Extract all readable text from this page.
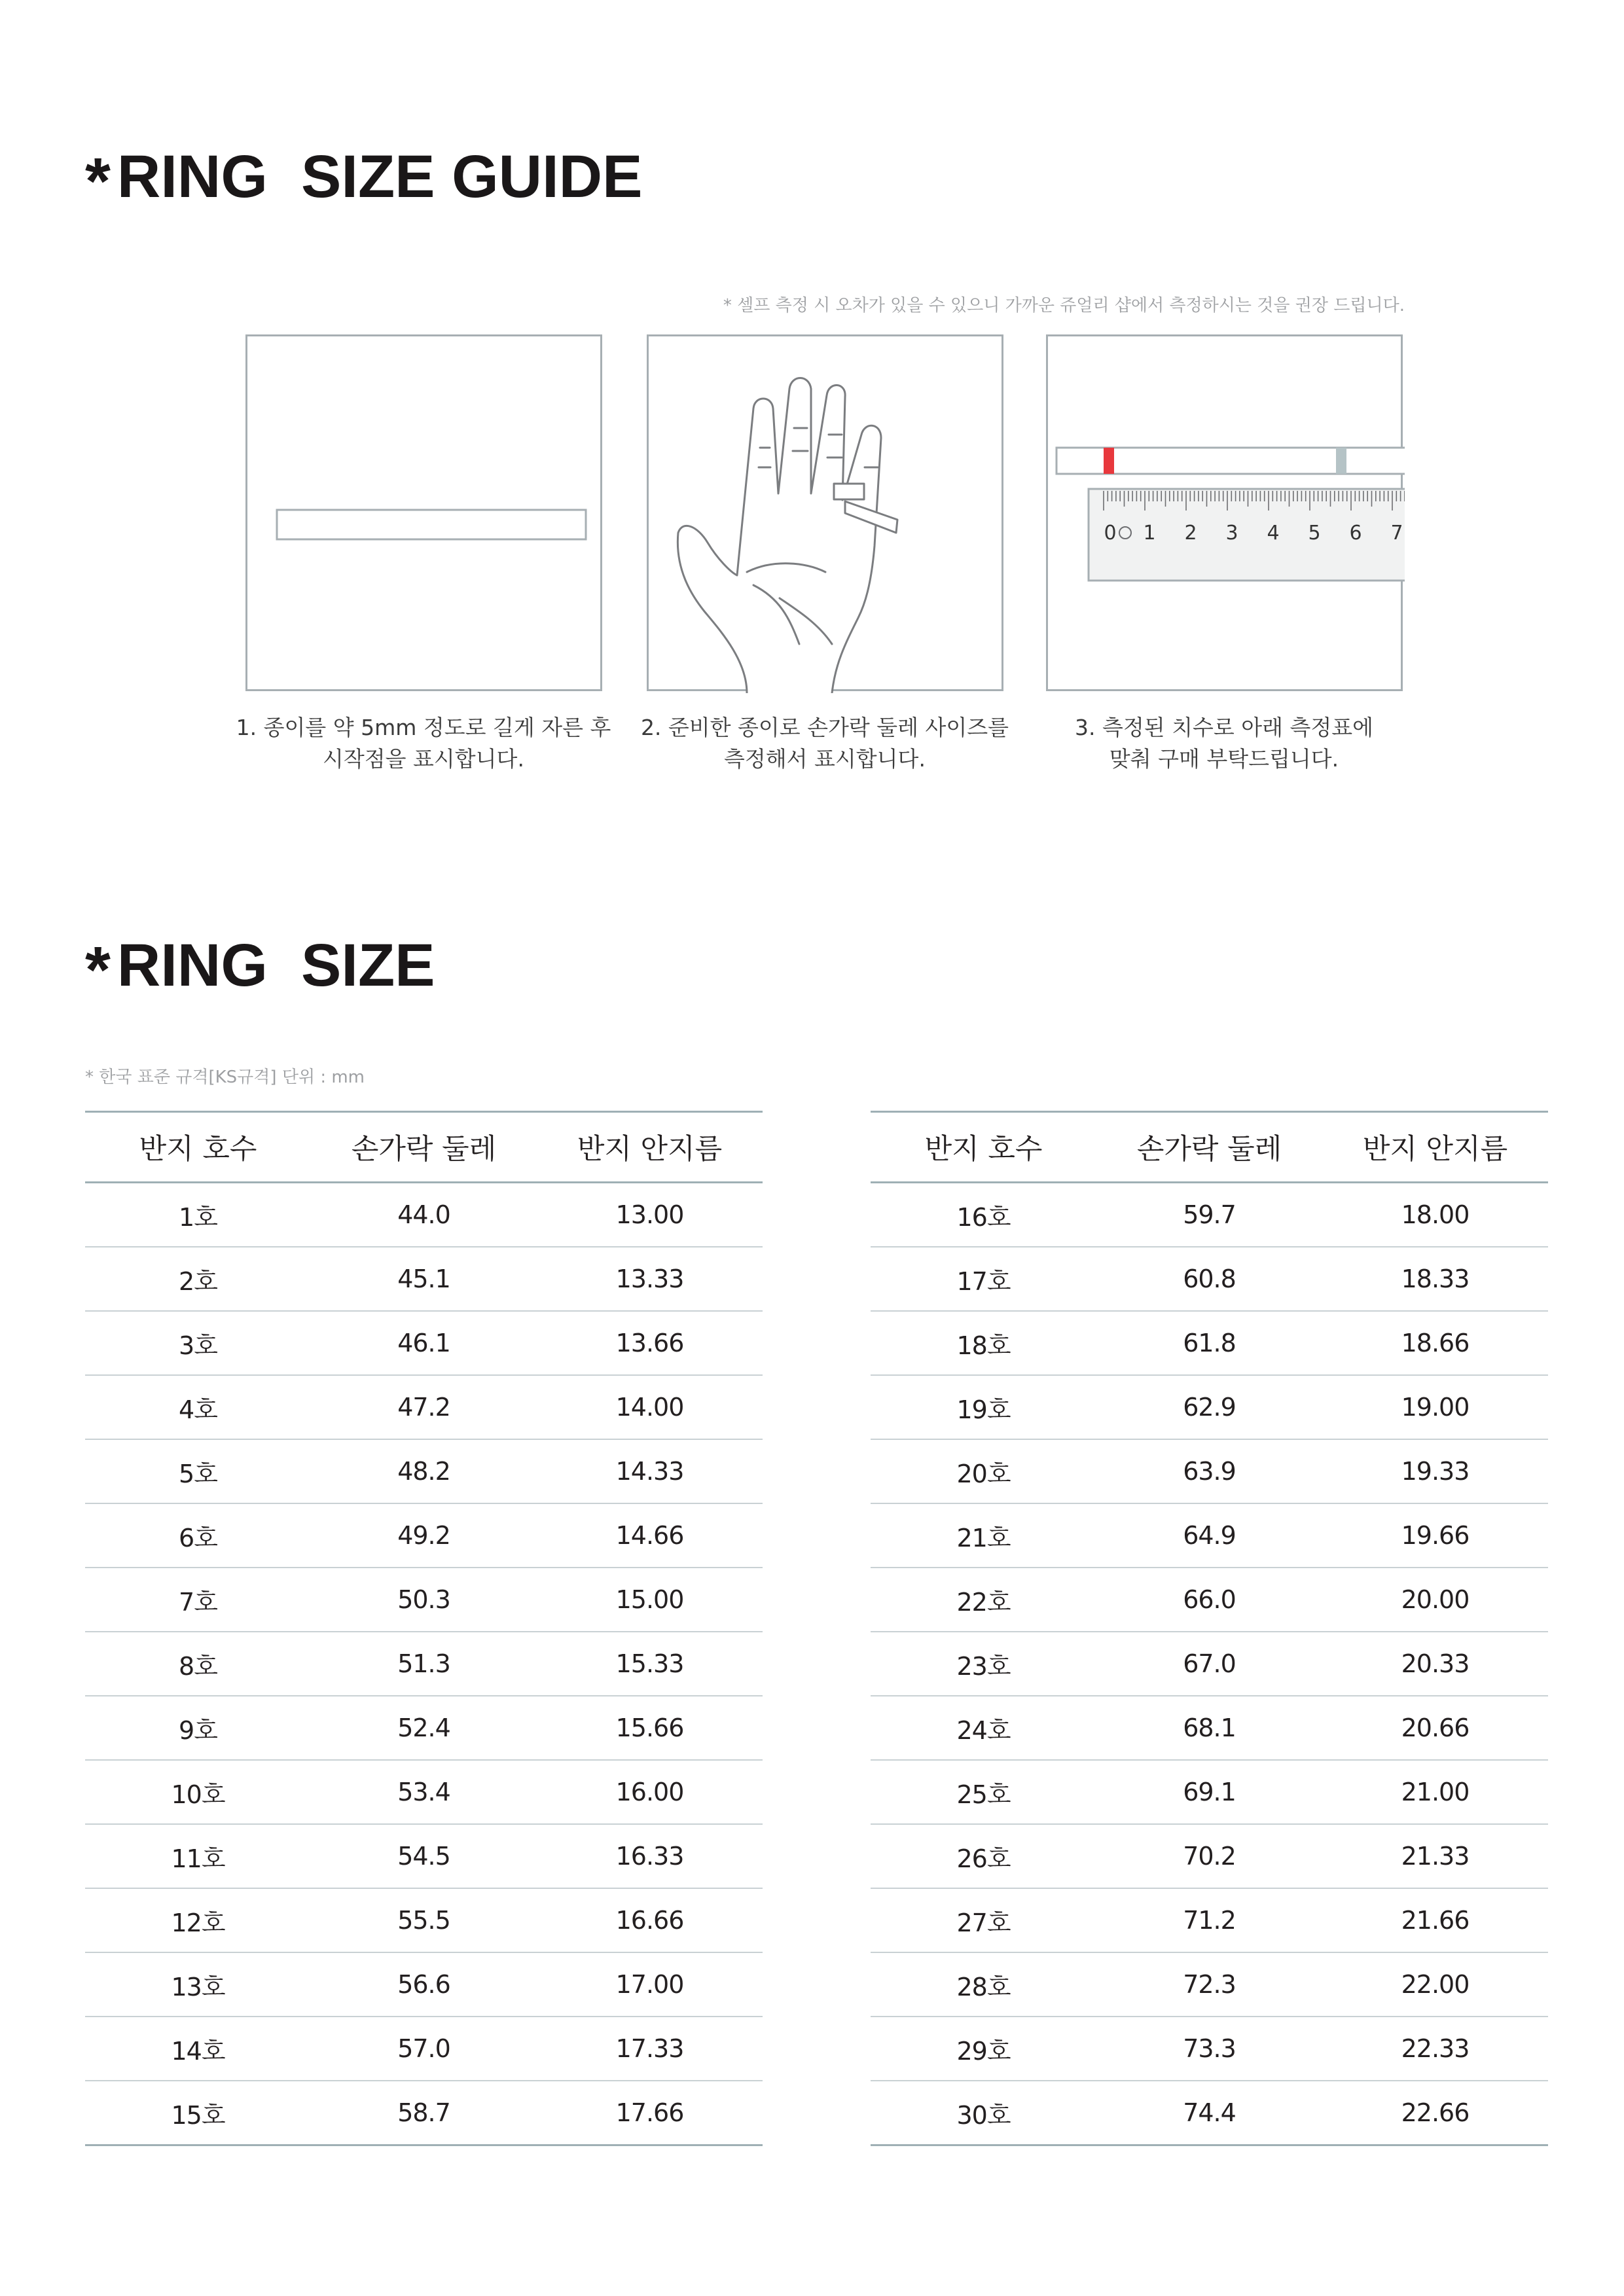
* RING  SIZE GUIDE
* 셀프 측정 시 오차가 있을 수 있으니 가까운 쥬얼리 샵에서 측정하시는 것을 권장 드립니다.
0 1 2 3 4 5 6 7
1. 종이를 약 5mm 정도로 길게 자른 후
시작점을 표시합니다.
2. 준비한 종이로 손가락 둘레 사이즈를
측정해서 표시합니다.
3. 측정된 치수로 아래 측정표에
맞춰 구매 부탁드립니다.
* RING  SIZE
* 한국 표준 규격[KS규격] 단위 : mm
반지 호수	손가락 둘레	반지 안지름
1호	44.0	13.00
2호	45.1	13.33
3호	46.1	13.66
4호	47.2	14.00
5호	48.2	14.33
6호	49.2	14.66
7호	50.3	15.00
8호	51.3	15.33
9호	52.4	15.66
10호	53.4	16.00
11호	54.5	16.33
12호	55.5	16.66
13호	56.6	17.00
14호	57.0	17.33
15호	58.7	17.66
반지 호수	손가락 둘레	반지 안지름
16호	59.7	18.00
17호	60.8	18.33
18호	61.8	18.66
19호	62.9	19.00
20호	63.9	19.33
21호	64.9	19.66
22호	66.0	20.00
23호	67.0	20.33
24호	68.1	20.66
25호	69.1	21.00
26호	70.2	21.33
27호	71.2	21.66
28호	72.3	22.00
29호	73.3	22.33
30호	74.4	22.66
